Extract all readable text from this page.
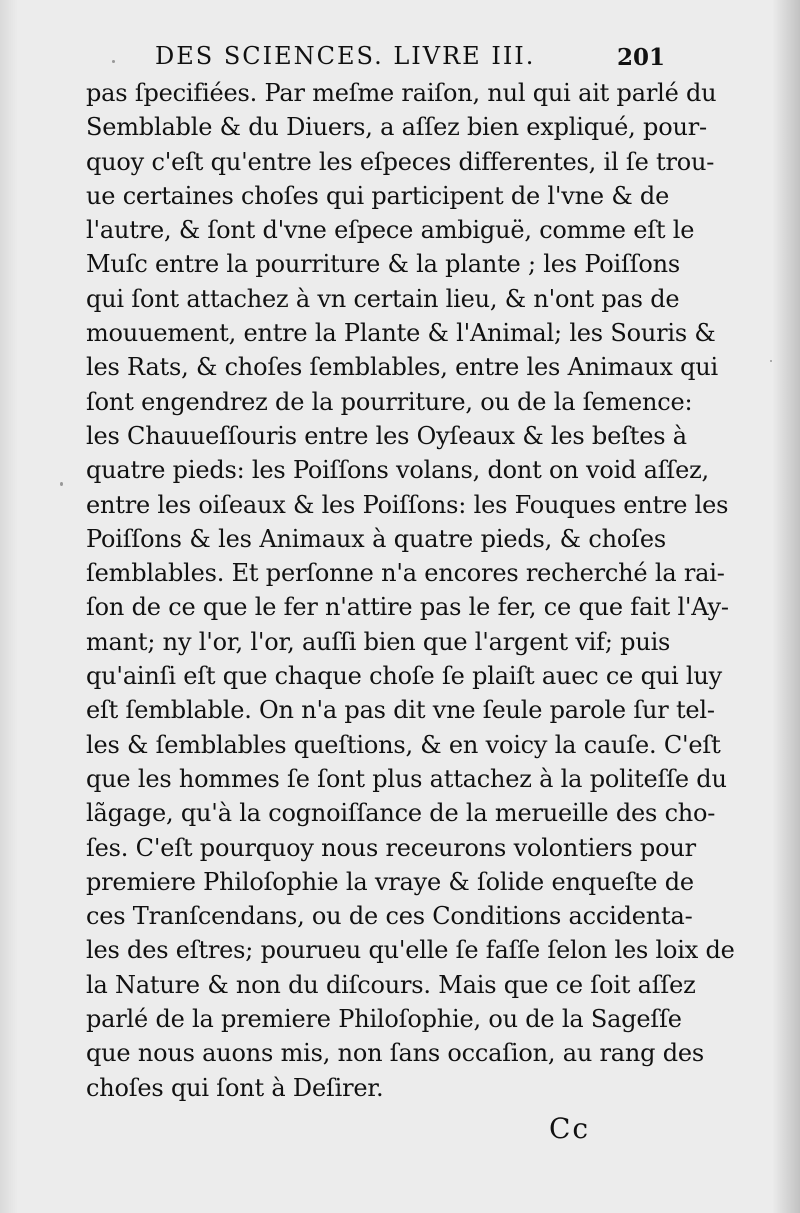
DES SCIENCES. LIVRE III.	201
pas ſpecifiées. Par meſme raiſon, nul qui ait parlé du
Semblable & du Diuers, a aſſez bien expliqué, pour-
quoy c'eſt qu'entre les eſpeces differentes, il ſe trou-
ue certaines choſes qui participent de l'vne & de
l'autre, & ſont d'vne eſpece ambiguë, comme eſt le
Muſc entre la pourriture & la plante ; les Poiſſons
qui ſont attachez à vn certain lieu, & n'ont pas de
mouuement, entre la Plante & l'Animal; les Souris &
les Rats, & choſes ſemblables, entre les Animaux qui
ſont engendrez de la pourriture, ou de la ſemence:
les Chauueſſouris entre les Oyſeaux & les beſtes à
quatre pieds: les Poiſſons volans, dont on void aſſez,
entre les oiſeaux & les Poiſſons: les Fouques entre les
Poiſſons & les Animaux à quatre pieds, & choſes
ſemblables. Et perſonne n'a encores recherché la rai-
ſon de ce que le fer n'attire pas le fer, ce que fait l'Ay-
mant; ny l'or, l'or, auſſi bien que l'argent vif; puis
qu'ainſi eſt que chaque choſe ſe plaiſt auec ce qui luy
eſt ſemblable. On n'a pas dit vne ſeule parole ſur tel-
les & ſemblables queſtions, & en voicy la cauſe. C'eſt
que les hommes ſe ſont plus attachez à la politeſſe du
lãgage, qu'à la cognoiſſance de la merueille des cho-
ſes. C'eſt pourquoy nous receurons volontiers pour
premiere Philoſophie la vraye & ſolide enqueſte de
ces Tranſcendans, ou de ces Conditions accidenta-
les des eſtres; pourueu qu'elle ſe faſſe ſelon les loix de
la Nature & non du diſcours. Mais que ce ſoit aſſez
parlé de la premiere Philoſophie, ou de la Sageſſe
que nous auons mis, non ſans occaſion, au rang des
choſes qui ſont à Deſirer.
Cc
